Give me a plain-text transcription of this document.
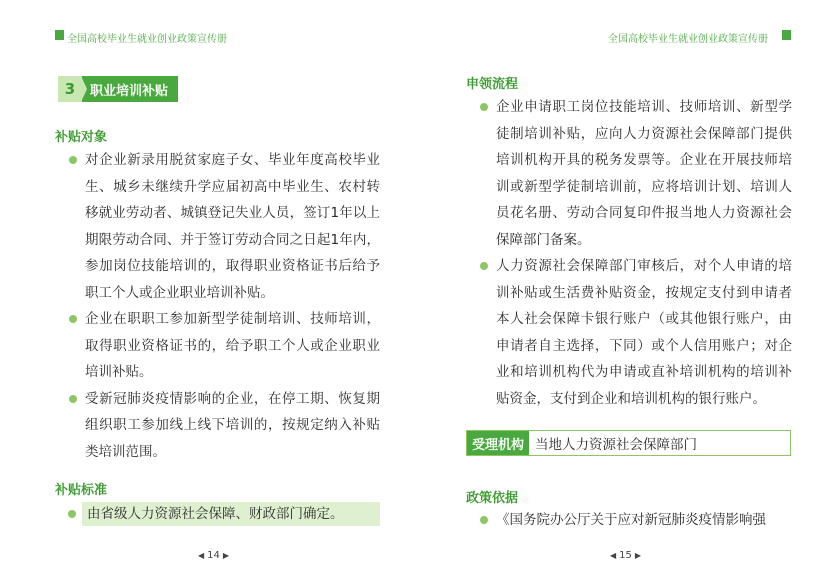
全国高校毕业生就业创业政策宣传册
3	职业培训补贴
补贴对象
对企业新录用脱贫家庭子女、毕业年度高校毕业生、城乡未继续升学应届初高中毕业生、农村转移就业劳动者、城镇登记失业人员，签订1年以上期限劳动合同、并于签订劳动合同之日起1年内，参加岗位技能培训的，取得职业资格证书后给予职工个人或企业职业培训补贴。
企业在职职工参加新型学徒制培训、技师培训，取得职业资格证书的，给予职工个人或企业职业培训补贴。
受新冠肺炎疫情影响的企业，在停工期、恢复期组织职工参加线上线下培训的，按规定纳入补贴类培训范围。
补贴标准
由省级人力资源社会保障、财政部门确定。
◀ 14 ▶
全国高校毕业生就业创业政策宣传册
申领流程
企业申请职工岗位技能培训、技师培训、新型学徒制培训补贴，应向人力资源社会保障部门提供培训机构开具的税务发票等。企业在开展技师培训或新型学徒制培训前，应将培训计划、培训人员花名册、劳动合同复印件报当地人力资源社会保障部门备案。
人力资源社会保障部门审核后，对个人申请的培训补贴或生活费补贴资金，按规定支付到申请者本人社会保障卡银行账户（或其他银行账户，由申请者自主选择，下同）或个人信用账户；对企业和培训机构代为申请或直补培训机构的培训补贴资金，支付到企业和培训机构的银行账户。
受理机构 当地人力资源社会保障部门
政策依据
《国务院办公厅关于应对新冠肺炎疫情影响强
◀ 15 ▶
